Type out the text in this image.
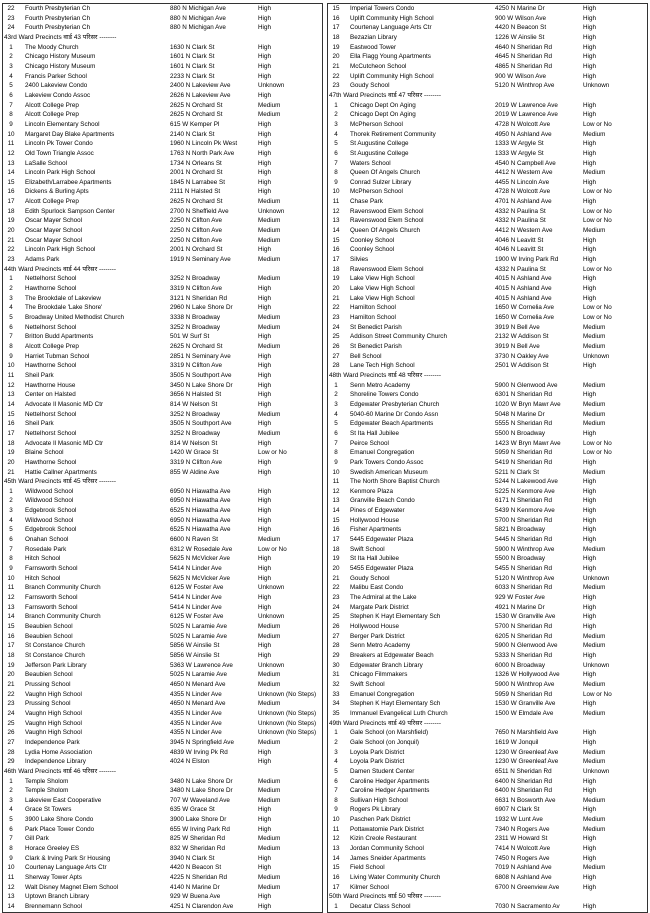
22	Fourth Presbyterian Ch	880 N Michigan Ave	High
23	Fourth Presbyterian Ch	880 N Michigan Ave	High
24	Fourth Presbyterian Ch	880 N Michigan Ave	High
43rd Ward Precincts वार्ड 43 परिसर --------
1	The Moody Church	1630 N Clark St	High
2	Chicago History Museum	1601 N Clark St	High
3	Chicago History Museum	1601 N Clark St	High
4	Francis Parker School	2233 N Clark St	High
5	2400 Lakeview Condo	2400 N Lakeview Ave	Unknown
6	Lakeview Condo Assoc	2626 N Lakeview Ave	High
7	Alcott College Prep	2625 N Orchard St	Medium
8	Alcott College Prep	2625 N Orchard St	Medium
9	Lincoln Elementary School	615 W Kemper Pl	High
10	Margaret Day Blake Apartments	2140 N Clark St	High
11	Lincoln Pk Tower Condo	1960 N Lincoln Pk West	High
12	Old Town Triangle Assoc	1763 N North Park Ave	High
13	LaSalle School	1734 N Orleans St	High
14	Lincoln Park High School	2001 N Orchard St	High
15	Elizabeth/Larrabee Apartments	1845 N Larrabee St	High
16	Dickens & Burling Apts	2111 N Halsted St	High
17	Alcott College Prep	2625 N Orchard St	Medium
18	Edith Spurlock Sampson Center	2700 N Sheffield Ave	Unknown
19	Oscar Mayer School	2250 N Clifton Ave	Medium
20	Oscar Mayer School	2250 N Clifton Ave	Medium
21	Oscar Mayer School	2250 N Clifton Ave	Medium
22	Lincoln Park High School	2001 N Orchard St	High
23	Adams Park	1919 N Seminary Ave	Medium
44th Ward Precincts वार्ड 44 परिसर --------
1	Nettelhorst School	3252 N Broadway	Medium
2	Hawthorne School	3319 N Clifton Ave	High
3	The Brookdale of Lakeview	3121 N Sheridan Rd	High
4	The Brookdale 'Lake Shore'	2960 N Lake Shore Dr	High
5	Broadway United Methodist Church	3338 N Broadway	Medium
6	Nettelhorst School	3252 N Broadway	Medium
7	Britton Budd Apartments	501 W Surf St	High
8	Alcott College Prep	2625 N Orchard St	Medium
9	Harriet Tubman School	2851 N Seminary Ave	High
10	Hawthorne School	3319 N Clifton Ave	High
11	Sheil Park	3505 N Southport Ave	High
12	Hawthorne House	3450 N Lake Shore Dr	High
13	Center on Halsted	3656 N Halsted St	High
14	Advocate Il Masonic MD Ctr	814 W Nelson St	High
15	Nettelhorst School	3252 N Broadway	Medium
16	Sheil Park	3505 N Southport Ave	High
17	Nettelhorst School	3252 N Broadway	Medium
18	Advocate Il Masonic MD Ctr	814 W Nelson St	High
19	Blaine School	1420 W Grace St	Low or No
20	Hawthorne School	3319 N Clifton Ave	High
21	Hattie Callner Apartments	855 W Aldine Ave	High
45th Ward Precincts वार्ड 45 परिसर --------
1	Wildwood School	6950 N Hiawatha Ave	High
2	Wildwood School	6950 N Hiawatha Ave	High
3	Edgebrook School	6525 N Hiawatha Ave	High
4	Wildwood School	6950 N Hiawatha Ave	High
5	Edgebrook School	6525 N Hiawatha Ave	High
6	Onahan School	6600 N Raven St	Medium
7	Rosedale Park	6312 W Rosedale Ave	Low or No
8	Hitch School	5625 N McVicker Ave	High
9	Farnsworth School	5414 N Linder Ave	High
10	Hitch School	5625 N McVicker Ave	High
11	Branch Community Church	6125 W Foster Ave	Unknown
12	Farnsworth School	5414 N Linder Ave	High
13	Farnsworth School	5414 N Linder Ave	High
14	Branch Community Church	6125 W Foster Ave	Unknown
15	Beaubien School	5025 N Laramie Ave	Medium
16	Beaubien School	5025 N Laramie Ave	Medium
17	St Constance Church	5856 W Ainslie St	High
18	St Constance Church	5856 W Ainslie St	High
19	Jefferson Park Library	5363 W Lawrence Ave	Unknown
20	Beaubien School	5025 N Laramie Ave	Medium
21	Prussing School	4650 N Menard Ave	Medium
22	Vaughn High School	4355 N Linder Ave	Unknown (No Steps)
23	Prussing School	4650 N Menard Ave	Medium
24	Vaughn High School	4355 N Linder Ave	Unknown (No Steps)
25	Vaughn High School	4355 N Linder Ave	Unknown (No Steps)
26	Vaughn High School	4355 N Linder Ave	Unknown (No Steps)
27	Independence Park	3945 N Springfield Ave	Medium
28	Lydia Home Association	4839 W Irving Pk Rd	High
29	Independence Library	4024 N Elston	High
46th Ward Precincts वार्ड 46 परिसर --------
1	Temple Sholom	3480 N Lake Shore Dr	Medium
2	Temple Sholom	3480 N Lake Shore Dr	Medium
3	Lakeview East Cooperative	707 W Waveland Ave	Medium
4	Grace St Towers	635 W Grace St	High
5	3900 Lake Shore Condo	3900 Lake Shore Dr	High
6	Park Place Tower Condo	655 W Irving Park Rd	High
7	Gill Park	825 W Sheridan Rd	Medium
8	Horace Greeley ES	832 W Sheridan Rd	Medium
9	Clark & Irving Park Sr Housing	3940 N Clark St	High
10	Courtenay Language Arts Ctr	4420 N Beacon St	High
11	Sherway Tower Apts	4225 N Sheridan Rd	Medium
12	Walt Disney Magnet Elem School	4140 N Marine Dr	Medium
13	Uptown Branch Library	929 W Buena Ave	High
14	Brennemann School	4251 N Clarendon Ave	High
15	Imperial Towers Condo	4250 N Marine Dr	High
16	Uplift Community High School	900 W Wilson Ave	High
17	Courtenay Language Arts Ctr	4420 N Beacon St	High
18	Bezazian Library	1226 W Ainslie St	High
19	Eastwood Tower	4640 N Sheridan Rd	High
20	Ella Flagg Young Apartments	4645 N Sheridan Rd	High
21	McCutcheon School	4865 N Sheridan Rd	High
22	Uplift Community High School	900 W Wilson Ave	High
23	Goudy School	5120 N Winthrop Ave	Unknown
47th Ward Precincts वार्ड 47 परिसर --------
1	Chicago Dept On Aging	2019 W Lawrence Ave	High
2	Chicago Dept On Aging	2019 W Lawrence Ave	High
3	McPherson School	4728 N Wolcott Ave	Low or No
4	Thorek Retirement Community	4950 N Ashland Ave	Medium
5	St Augustine College	1333 W Argyle St	High
6	St Augustine College	1333 W Argyle St	High
7	Waters School	4540 N Campbell Ave	High
8	Queen Of Angels Church	4412 N Western Ave	Medium
9	Conrad Sulzer Library	4455 N Lincoln Ave	High
10	McPherson School	4728 N Wolcott Ave	Low or No
11	Chase Park	4701 N Ashland Ave	High
12	Ravenswood Elem School	4332 N Paulina St	Low or No
13	Ravenswood Elem School	4332 N Paulina St	Low or No
14	Queen Of Angels Church	4412 N Western Ave	Medium
15	Coonley School	4046 N Leavitt St	High
16	Coonley School	4046 N Leavitt St	High
17	Silvies	1900 W Irving Park Rd	High
18	Ravenswood Elem School	4332 N Paulina St	Low or No
19	Lake View High School	4015 N Ashland Ave	High
20	Lake View High School	4015 N Ashland Ave	High
21	Lake View High School	4015 N Ashland Ave	High
22	Hamilton School	1650 W Cornelia Ave	Low or No
23	Hamilton School	1650 W Cornelia Ave	Low or No
24	St Benedict Parish	3919 N Bell Ave	Medium
25	Addison Street Community Church	2132 W Addison St	Medium
26	St Benedict Parish	3919 N Bell Ave	Medium
27	Bell School	3730 N Oakley Ave	Unknown
28	Lane Tech High School	2501 W Addison St	High
48th Ward Precincts वार्ड 48 परिसर --------
1	Senn Metro Academy	5900 N Glenwood Ave	Medium
2	Shoreline Towers Condo	6301 N Sheridan Rd	High
3	Edgewater Presbyterian Church	1020 W Bryn Mawr Ave	Medium
4	5040-60 Marine Dr Condo Assn	5048 N Marine Dr	Medium
5	Edgewater Beach Apartments	5555 N Sheridan Rd	Medium
6	St Ita Hall Jubilee	5500 N Broadway	High
7	Peirce School	1423 W Bryn Mawr Ave	Low or No
8	Emanuel Congregation	5959 N Sheridan Rd	Low or No
9	Park Towers Condo Assoc	5419 N Sheridan Rd	High
10	Swedish American Museum	5211 N Clark St	Medium
11	The North Shore Baptist Church	5244 N Lakewood Ave	High
12	Kenmore Plaza	5225 N Kenmore Ave	High
13	Granville Beach Condo	6171 N Sheridan Rd	High
14	Pines of Edgewater	5439 N Kenmore Ave	High
15	Hollywood House	5700 N Sheridan Rd	High
16	Fisher Apartments	5821 N Broadway	High
17	5445 Edgewater Plaza	5445 N Sheridan Rd	High
18	Swift School	5900 N Winthrop Ave	Medium
19	St Ita Hall Jubilee	5500 N Broadway	High
20	5455 Edgewater Plaza	5455 N Sheridan Rd	High
21	Goudy School	5120 N Winthrop Ave	Unknown
22	Malibu East Condo	6033 N Sheridan Rd	Medium
23	The Admiral at the Lake	929 W Foster Ave	High
24	Margate Park District	4921 N Marine Dr	High
25	Stephen K Hayt Elementary Sch	1530 W Granville Ave	High
26	Hollywood House	5700 N Sheridan Rd	High
27	Berger Park District	6205 N Sheridan Rd	Medium
28	Senn Metro Academy	5900 N Glenwood Ave	Medium
29	Breakers at Edgewater Beach	5333 N Sheridan Rd	High
30	Edgewater Branch Library	6000 N Broadway	Unknown
31	Chicago Filmmakers	1326 W Hollywood Ave	High
32	Swift School	5900 N Winthrop Ave	Medium
33	Emanuel Congregation	5959 N Sheridan Rd	Low or No
34	Stephen K Hayt Elementary Sch	1530 W Granville Ave	High
35	Immanuel Evangelical Luth Church	1500 W Elmdale Ave	Medium
49th Ward Precincts वार्ड 49 परिसर --------
1	Gale School (on Marshfield)	7650 N Marshfield Ave	High
2	Gale School (on Jonquil)	1619 W Jonquil	High
3	Loyola Park District	1230 W Greenleaf Ave	Medium
4	Loyola Park District	1230 W Greenleaf Ave	Medium
5	Damen Student Center	6511 N Sheridan Rd	Unknown
6	Caroline Hedger Apartments	6400 N Sheridan Rd	High
7	Caroline Hedger Apartments	6400 N Sheridan Rd	High
8	Sullivan High School	6631 N Bosworth Ave	Medium
9	Rogers Pk Library	6907 N Clark St	High
10	Paschen Park District	1932 W Lunt Ave	Medium
11	Pottawatomie Park District	7340 N Rogers Ave	Medium
12	Kizin Creole Restaurant	2311 W Howard St	High
13	Jordan Community School	7414 N Wolcott Ave	High
14	James Sneider Apartments	7450 N Rogers Ave	High
15	Field School	7019 N Ashland Ave	Medium
16	Living Water Community Church	6808 N Ashland Ave	High
17	Kilmer School	6700 N Greenview Ave	High
50th Ward Precincts वार्ड 50 परिसर --------
1	Decatur Class School	7030 N Sacramento Av	High
